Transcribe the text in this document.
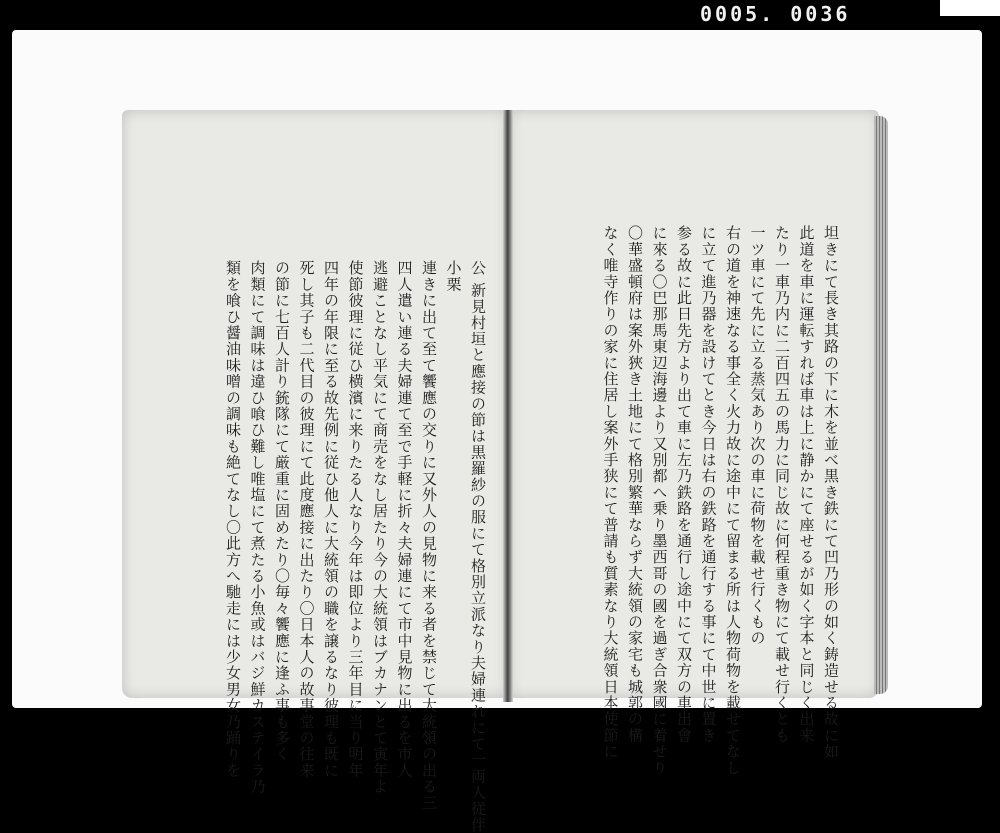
0005. 0036

公 新見村垣と應接の節は黒羅紗の服にて格別立派なり夫婦連れにて一両人従伴

小栗

連きに出て至て饗應の交りに又外人の見物に来る者を禁じて大統領の出る三

四人遣い連る夫婦連て至で手軽に折々夫婦連にて市中見物に出るを市人

逃避ことなし平気にて商売をなし居たり今の大統領はブカナンとて寅年よ

使節彼理に従ひ横濱に来りたる人なり今年は即位より三年目に当り明年

四年の年限に至る故先例に従ひ他人に大統領の職を譲るなり彼理も既に

死し其子も二代目の彼理にて此度應接に出たり〇日本人の故事堂の往来

の節に七百人計り銃隊にて厳重に固めたり〇毎々饗應に逢ふ事も多く

肉類にて調味は違ひ喰ひ難し唯塩にて煮たる小魚或はバジ鮮カステイラ乃

類を喰ひ醤油味噌の調味も絶てなし〇此方へ馳走には少女男女乃踊りを	坦きにて長き其路の下に木を並べ黒き鉄にて凹乃形の如く鋳造せる故に如

此道を車に運転すれば車は上に静かにて座せるが如く字本と同じく出来

たり一車乃内に二百四五の馬力に同じ故に何程重き物にて載せ行くとも

一ツ車にて先に立る蒸気あり次の車に荷物を載せ行くもの

右の道を神速なる事全く火力故に途中にて留まる所は人物荷物を載せてなし

に立て進乃器を設けてとき今日は右の鉄路を通行する事にて中世に置き

参る故に此日先方より出て車に左乃鉄路を通行し途中にて双方の車出會

に來る〇巴那馬東辺海邊より又別都へ乗り墨西哥の國を過ぎ合衆國に着せり

〇華盛頓府は案外狹き土地にて格別繁華ならず大統領の家宅も城郭の構

なく唯寺作りの家に住居し案外手狭にて普請も質素なり大統領日本使節に
